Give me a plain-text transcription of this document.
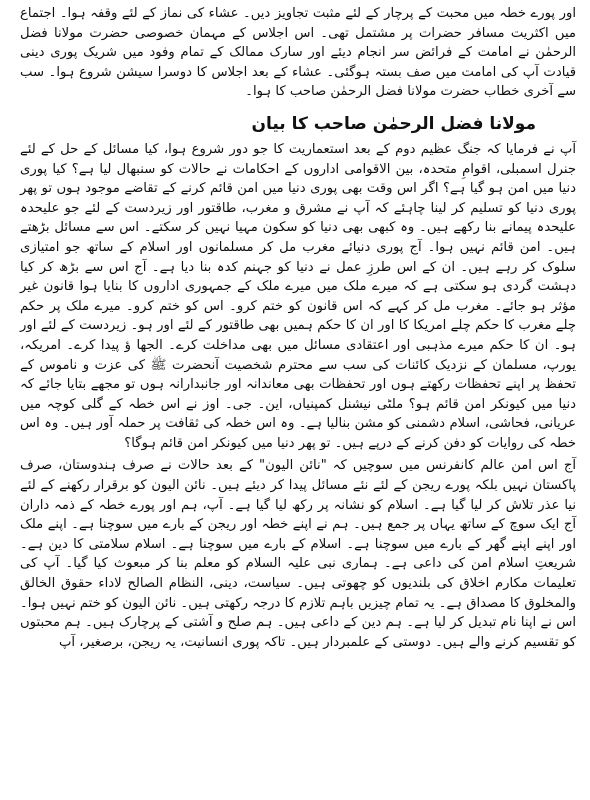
اور پورے خطہ میں محبت کے پرچار کے لئے مثبت تجاویز دیں۔ عشاء کی نماز کے لئے وقفہ ہوا۔ اجتماع میں اکثریت مسافر حضرات پر مشتمل تھی۔ اس اجلاس کے مہمان خصوصی حضرت مولانا فضل الرحمٰن نے امامت کے فرائض سر انجام دیئے اور سارک ممالک کے تمام وفود میں شریک پوری دینی قیادت آپ کی امامت میں صف بستہ ہوگئی۔ عشاء کے بعد اجلاس کا دوسرا سیشن شروع ہوا۔ سب سے آخری خطاب حضرت مولانا فضل الرحمٰن صاحب کا ہوا۔

مولانا فضل الرحمٰن صاحب کا بیان

آپ نے فرمایا کہ جنگ عظیم دوم کے بعد استعماریت کا جو دور شروع ہوا، کیا مسائل کے حل کے لئے جنرل اسمبلی، اقوامِ متحدہ، بین الاقوامی اداروں کے احکامات نے حالات کو سنبھال لیا ہے؟ کیا پوری دنیا میں امن ہو گیا ہے؟ اگر اس وقت بھی پوری دنیا میں امن قائم کرنے کے تقاضے موجود ہوں تو پھر پوری دنیا کو تسلیم کر لینا چاہئے کہ آپ نے مشرق و مغرب، طاقتور اور زیردست کے لئے جو علیحدہ علیحدہ پیمانے بنا رکھے ہیں۔ وہ کبھی بھی دنیا کو سکون مہیا نہیں کر سکتے۔ اس سے مسائل بڑھتے ہیں۔ امن قائم نہیں ہوا۔ آج پوری دنیائے مغرب مل کر مسلمانوں اور اسلام کے ساتھ جو امتیازی سلوک کر رہے ہیں۔ ان کے اس طرزِ عمل نے دنیا کو جہنم کدہ بنا دیا ہے۔ آج اس سے بڑھ کر کیا دہشت گردی ہو سکتی ہے کہ میرے ملک میں میرے ملک کے جمہوری اداروں کا بنایا ہوا قانون غیر مؤثر ہو جائے۔ مغرب مل کر کہے کہ اس قانون کو ختم کرو۔ اس کو ختم کرو۔ میرے ملک پر حکم چلے مغرب کا حکم چلے امریکا کا اور ان کا حکم ہمیں بھی طاقتور کے لئے اور ہو۔ زیردست کے لئے اور ہو۔ ان کا حکم میرے مذہبی اور اعتقادی مسائل میں بھی مداخلت کرے۔ الجھا ؤ پیدا کرے۔ امریکہ، یورپ، مسلمان کے نزدیک کائنات کی سب سے محترم شخصیت آنحضرت ﷺ کی عزت و ناموس کے تحفظ پر اپنے تحفظات رکھتے ہوں اور تحفظات بھی معاندانہ اور جانبدارانہ ہوں تو مجھے بتایا جائے کہ دنیا میں کیونکر امن قائم ہو؟ ملٹی نیشنل کمپنیاں، این۔ جی۔ اوز نے اس خطہ کے گلی کوچہ میں عریانی، فحاشی، اسلام دشمنی کو مشن بنالیا ہے۔ وہ اس خطہ کی ثقافت پر حملہ آور ہیں۔ وہ اس خطہ کی روایات کو دفن کرنے کے درپے ہیں۔ تو پھر دنیا میں کیونکر امن قائم ہوگا؟

آج اس امن عالم کانفرنس میں سوچیں کہ "نائن الیون" کے بعد حالات نے صرف ہندوستان، صرف پاکستان نہیں بلکہ پورے ریجن کے لئے نئے مسائل پیدا کر دیئے ہیں۔ نائن الیون کو برقرار رکھنے کے لئے نیا عذر تلاش کر لیا گیا ہے۔ اسلام کو نشانہ پر رکھ لیا گیا ہے۔ آپ، ہم اور پورے خطہ کے ذمہ داران آج ایک سوچ کے ساتھ یہاں پر جمع ہیں۔ ہم نے اپنے خطہ اور ریجن کے بارے میں سوچنا ہے۔ اپنے ملک اور اپنے اپنے گھر کے بارے میں سوچنا ہے۔ اسلام کے بارے میں سوچنا ہے۔ اسلام سلامتی کا دین ہے۔ شریعتِ اسلام امن کی داعی ہے۔ ہماری نبی علیہ السلام کو معلم بنا کر مبعوث کیا گیا۔ آپ کی تعلیمات مکارم اخلاق کی بلندیوں کو چھوتی ہیں۔ سیاست، دینی، النظام الصالح لاداء حقوق الخالق والمخلوق کا مصداق ہے۔ یہ تمام چیزیں باہم تلازم کا درجہ رکھتی ہیں۔ نائن الیون کو ختم نہیں ہوا۔ اس نے اپنا نام تبدیل کر لیا ہے۔ ہم دین کے داعی ہیں۔ ہم صلح و آشتی کے پرچارک ہیں۔ ہم محبتوں کو تقسیم کرنے والے ہیں۔ دوستی کے علمبردار ہیں۔ تاکہ پوری انسانیت، یہ ریجن، برصغیر، آپ
